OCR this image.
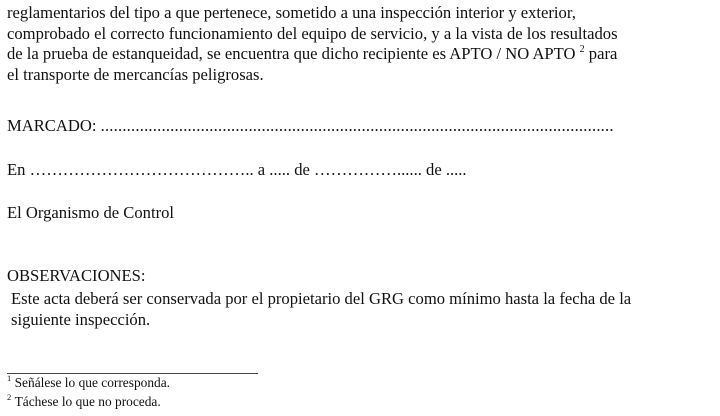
reglamentarios del tipo a que pertenece, sometido a una inspección interior y exterior,
comprobado el correcto funcionamiento del equipo de servicio, y a la vista de los resultados
de la prueba de estanqueidad, se encuentra que dicho recipiente es APTO / NO APTO $^2$ para
el transporte de mercancías peligrosas.
MARCADO: ......................................................................................................................
En ………………………………….. a ..... de ……………...... de .....
El Organismo de Control
OBSERVACIONES:
Este acta deberá ser conservada por el propietario del GRG como mínimo hasta la fecha de la
siguiente inspección.
$^1$ Señálese lo que corresponda.
$^2$ Táchese lo que no proceda.
